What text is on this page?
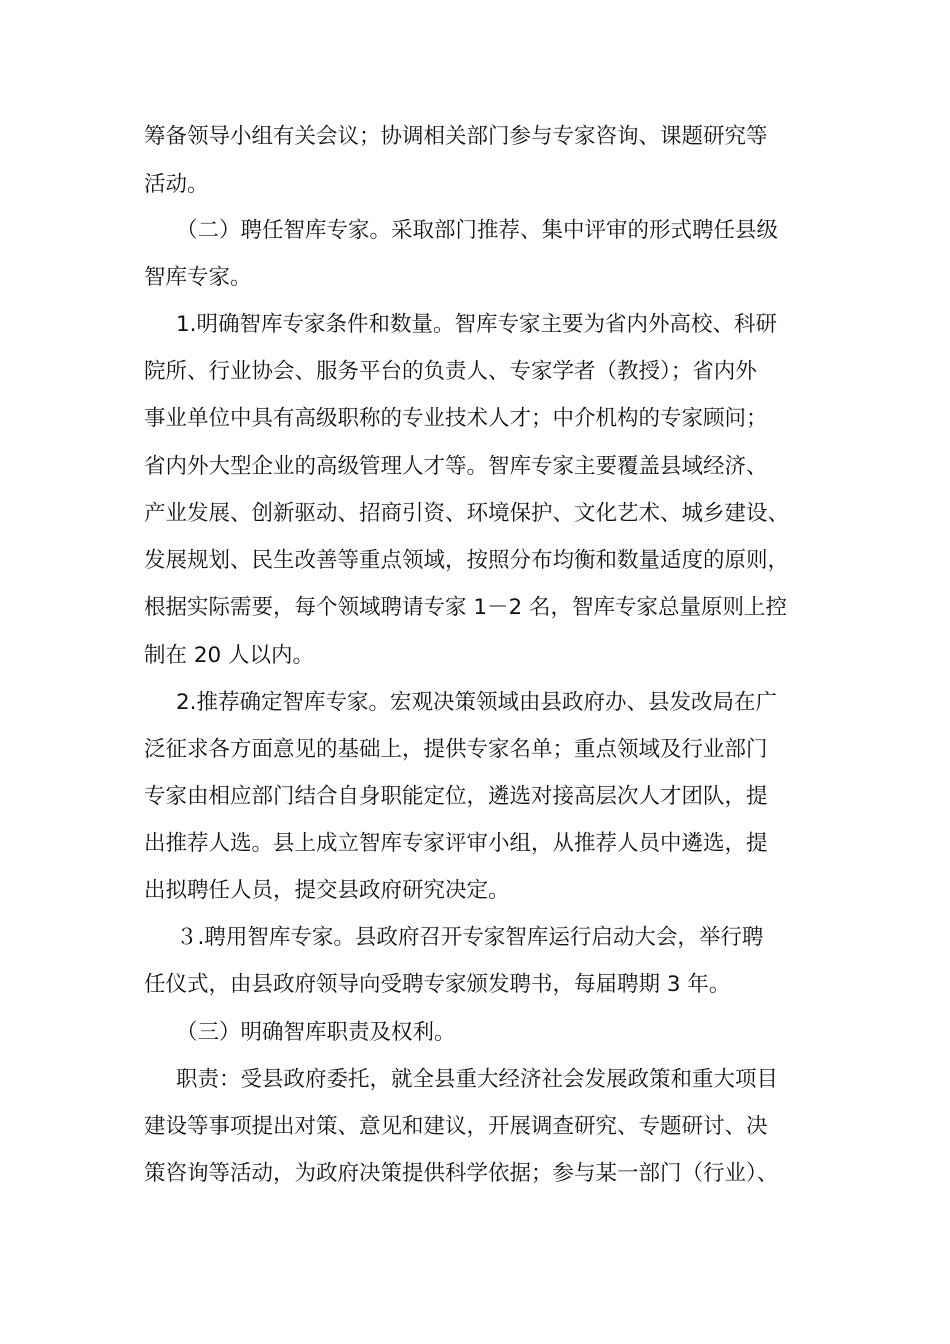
筹备领导小组有关会议；协调相关部门参与专家咨询、课题研究等
活动。
（二）聘任智库专家。采取部门推荐、集中评审的形式聘任县级
智库专家。
1.明确智库专家条件和数量。智库专家主要为省内外高校、科研
院所、行业协会、服务平台的负责人、专家学者（教授）；省内外
事业单位中具有高级职称的专业技术人才；中介机构的专家顾问；
省内外大型企业的高级管理人才等。智库专家主要覆盖县域经济、
产业发展、创新驱动、招商引资、环境保护、文化艺术、城乡建设、
发展规划、民生改善等重点领域，按照分布均衡和数量适度的原则，
根据实际需要，每个领域聘请专家 1－2 名，智库专家总量原则上控
制在 20 人以内。
2.推荐确定智库专家。宏观决策领域由县政府办、县发改局在广
泛征求各方面意见的基础上，提供专家名单；重点领域及行业部门
专家由相应部门结合自身职能定位，遴选对接高层次人才团队，提
出推荐人选。县上成立智库专家评审小组，从推荐人员中遴选，提
出拟聘任人员，提交县政府研究决定。
３.聘用智库专家。县政府召开专家智库运行启动大会，举行聘
任仪式，由县政府领导向受聘专家颁发聘书，每届聘期 3 年。
（三）明确智库职责及权利。
职责：受县政府委托，就全县重大经济社会发展政策和重大项目
建设等事项提出对策、意见和建议，开展调查研究、专题研讨、决
策咨询等活动，为政府决策提供科学依据；参与某一部门（行业）、
